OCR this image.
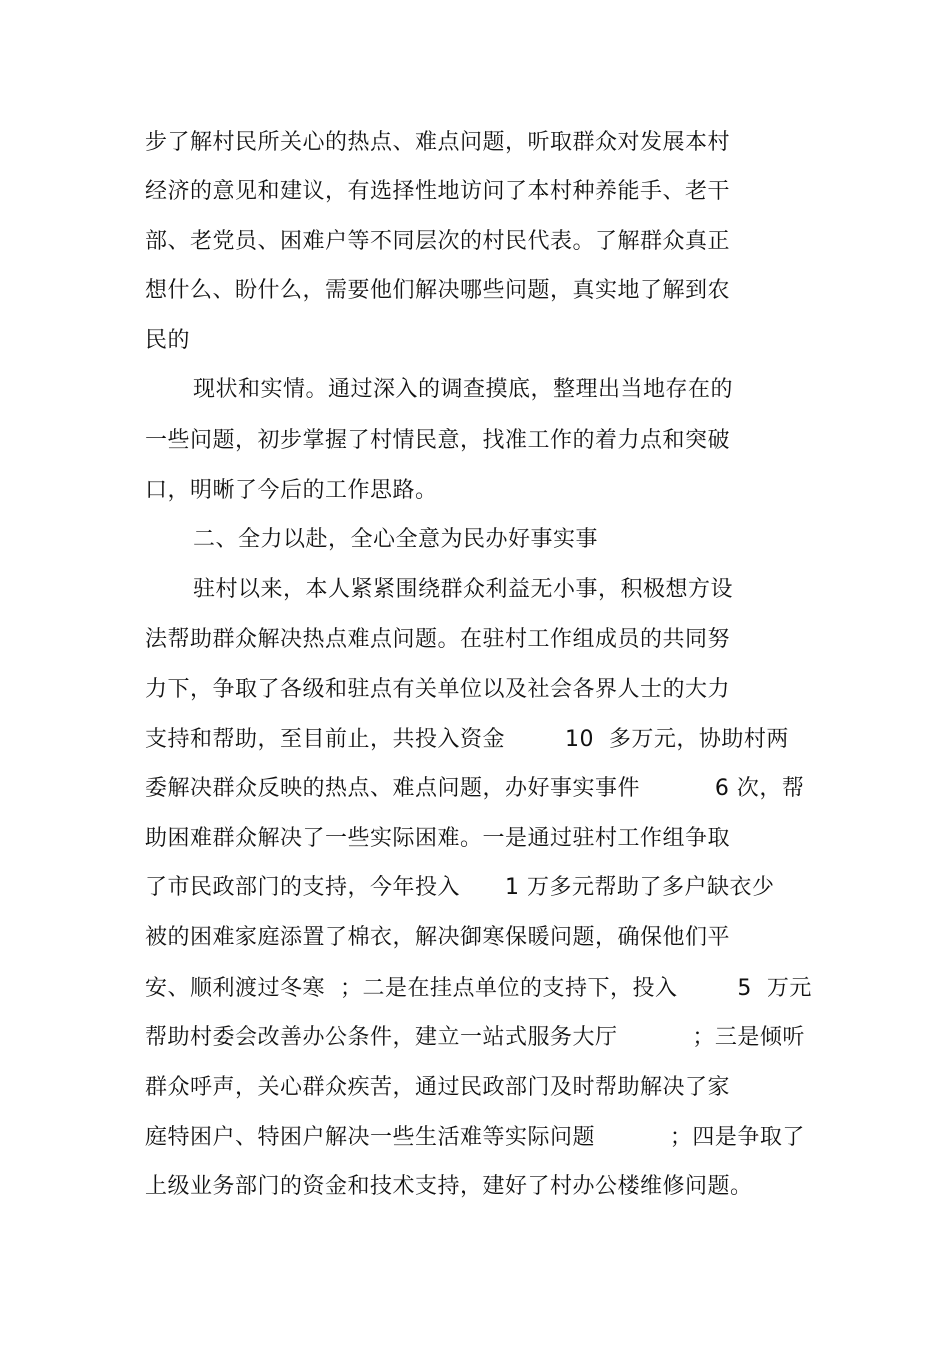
步了解村民所关心的热点、难点问题，听取群众对发展本村

经济的意见和建议，有选择性地访问了本村种养能手、老干

部、老党员、困难户等不同层次的村民代表。了解群众真正

想什么、盼什么，需要他们解决哪些问题，真实地了解到农

民的

现状和实情。通过深入的调查摸底，整理出当地存在的

一些问题，初步掌握了村情民意，找准工作的着力点和突破

口，明晰了今后的工作思路。

二、全力以赴，全心全意为民办好事实事

驻村以来，本人紧紧围绕群众利益无小事，积极想方设

法帮助群众解决热点难点问题。在驻村工作组成员的共同努

力下，争取了各级和驻点有关单位以及社会各界人士的大力

支持和帮助，至目前止，共投入资金        10  多万元，协助村两

委解决群众反映的热点、难点问题，办好事实事件          6 次，帮

助困难群众解决了一些实际困难。一是通过驻村工作组争取

了市民政部门的支持，今年投入      1 万多元帮助了多户缺衣少

被的困难家庭添置了棉衣，解决御寒保暖问题，确保他们平

安、顺利渡过冬寒  ；二是在挂点单位的支持下，投入        5  万元

帮助村委会改善办公条件，建立一站式服务大厅          ；三是倾听

群众呼声，关心群众疾苦，通过民政部门及时帮助解决了家

庭特困户、特困户解决一些生活难等实际问题          ；四是争取了

上级业务部门的资金和技术支持，建好了村办公楼维修问题。
